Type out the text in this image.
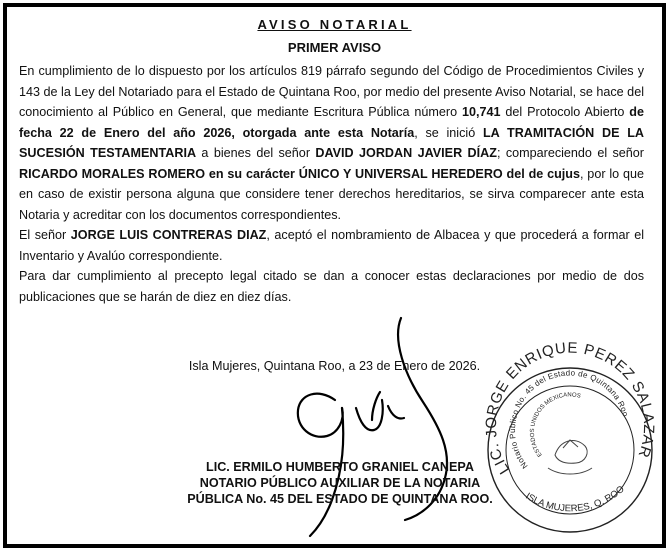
AVISO NOTARIAL
PRIMER AVISO

En cumplimiento de lo dispuesto por los artículos 819 párrafo segundo del Código de Procedimientos Civiles y 143 de la Ley del Notariado para el Estado de Quintana Roo, por medio del presente Aviso Notarial, se hace del conocimiento al Público en General, que mediante Escritura Pública número 10,741 del Protocolo Abierto de fecha 22 de Enero del año 2026, otorgada ante esta Notaría, se inició LA TRAMITACIÓN DE LA SUCESIÓN TESTAMENTARIA a bienes del señor DAVID JORDAN JAVIER DÍAZ; compareciendo el señor RICARDO MORALES ROMERO en su carácter ÚNICO Y UNIVERSAL HEREDERO del de cujus, por lo que en caso de existir persona alguna que considere tener derechos hereditarios, se sirva comparecer ante esta Notaria y acreditar con los documentos correspondientes.

El señor JORGE LUIS CONTRERAS DIAZ, aceptó el nombramiento de Albacea y que procederá a formar el Inventario y Avalúo correspondiente.

Para dar cumplimiento al precepto legal citado se dan a conocer estas declaraciones por medio de dos publicaciones que se harán de diez en diez días.

Isla Mujeres, Quintana Roo, a 23 de Enero de 2026.
LIC. ERMILO HUMBERTO GRANIEL CANEPA
NOTARIO PÚBLICO AUXILIAR DE LA NOTARIA
PÚBLICA No. 45 DEL ESTADO DE QUINTANA ROO.
LIC. JORGE ENRIQUE PEREZ SALAZAR
Notario Público No. 45 del Estado de Quintana Roo
ESTADOS UNIDOS MEXICANOS
ISLA MUJERES, Q. ROO
